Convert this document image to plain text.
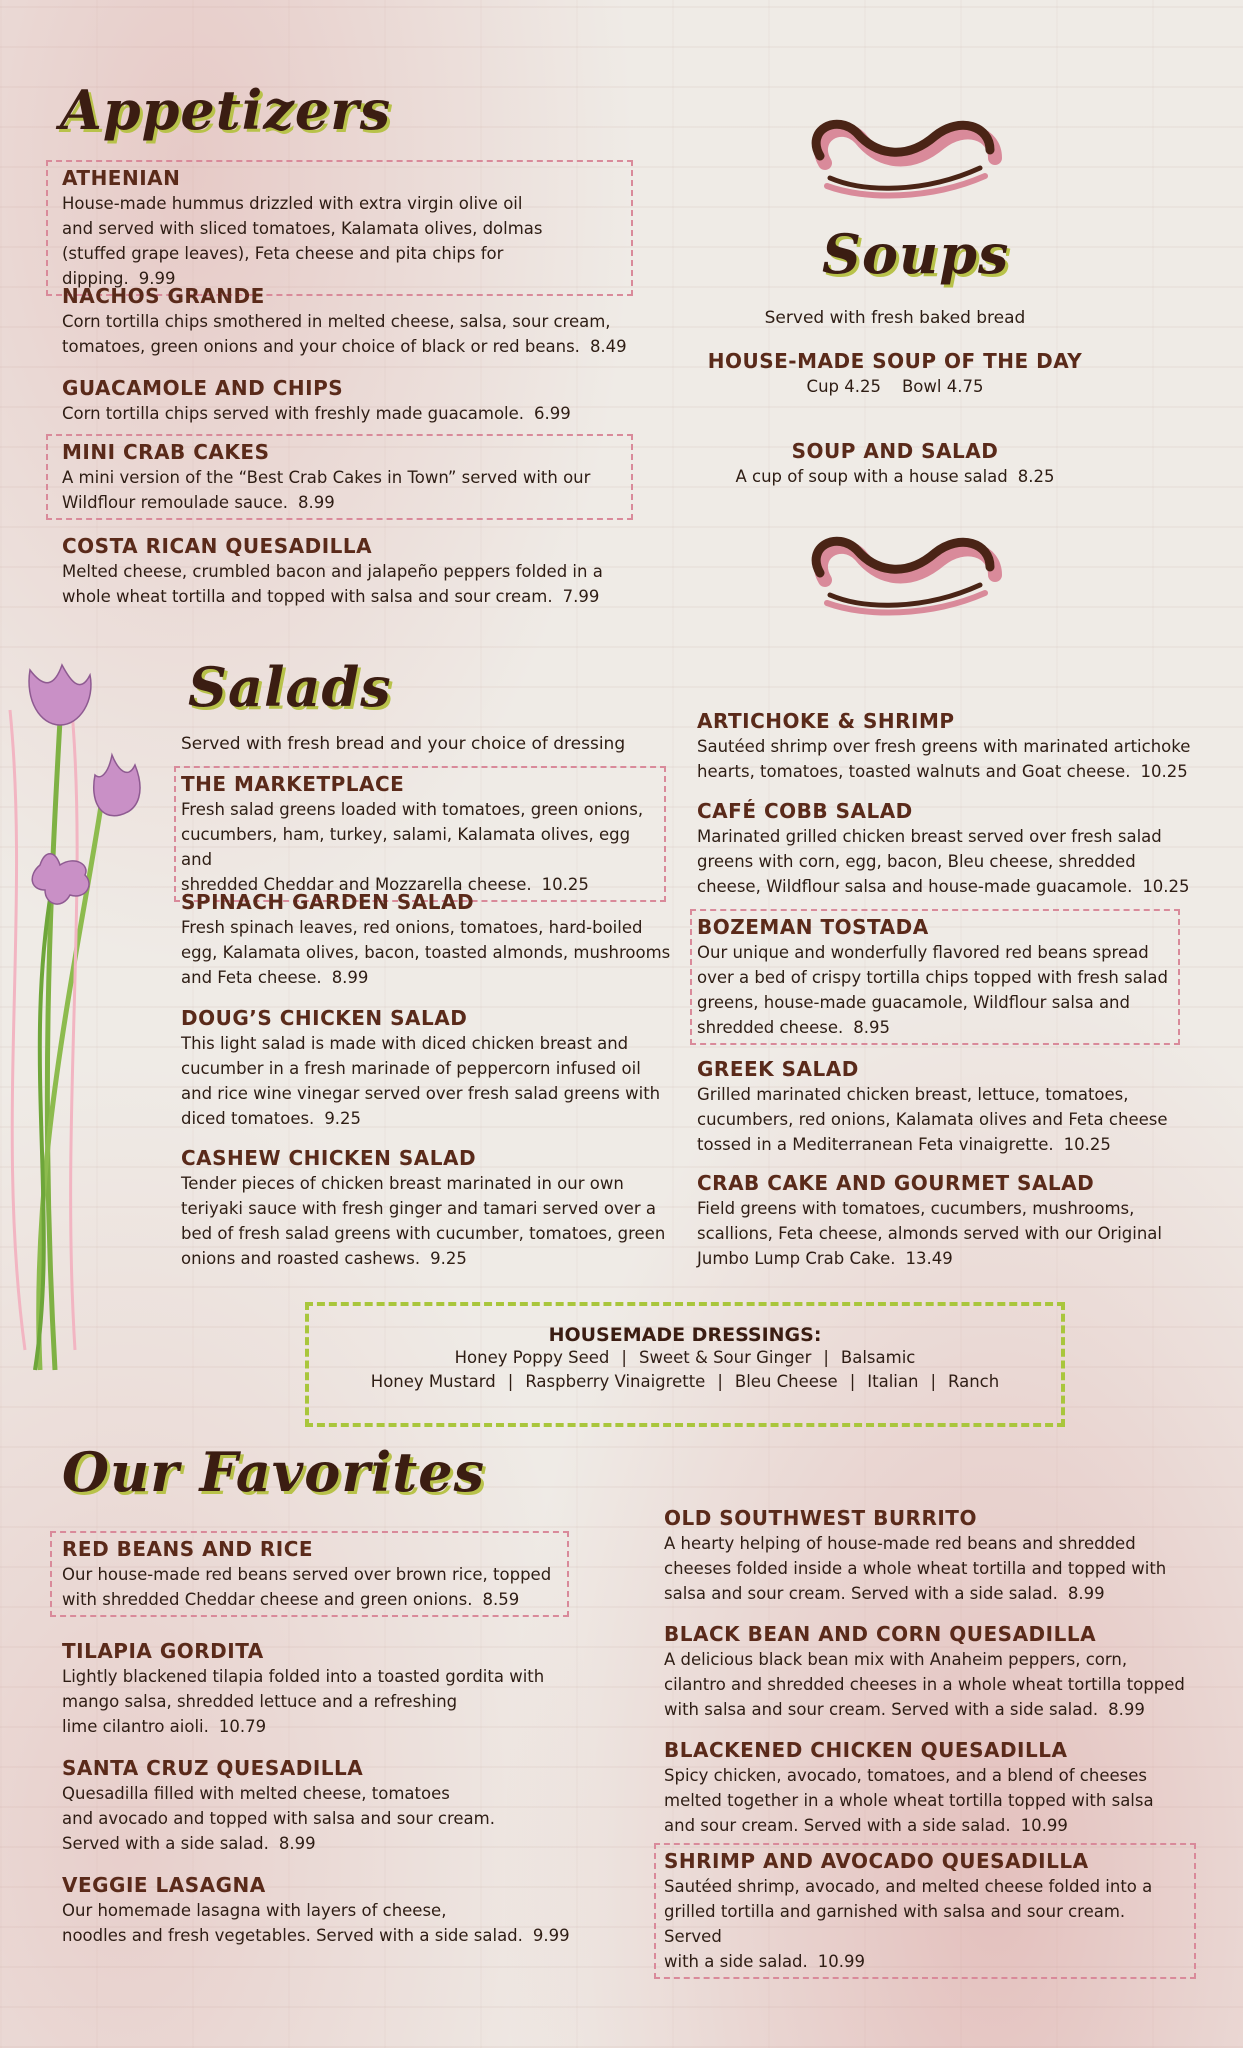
Appetizers
ATHENIAN
House-made hummus drizzled with extra virgin olive oil
and served with sliced tomatoes, Kalamata olives, dolmas
(stuffed grape leaves), Feta cheese and pita chips for dipping. 9.99
NACHOS GRANDE
Corn tortilla chips smothered in melted cheese, salsa, sour cream,
tomatoes, green onions and your choice of black or red beans. 8.49
GUACAMOLE AND CHIPS
Corn tortilla chips served with freshly made guacamole. 6.99
MINI CRAB CAKES
A mini version of the “Best Crab Cakes in Town” served with our
Wildflour remoulade sauce. 8.99
COSTA RICAN QUESADILLA
Melted cheese, crumbled bacon and jalapeño peppers folded in a
whole wheat tortilla and topped with salsa and sour cream. 7.99
Soups
Served with fresh baked bread
HOUSE-MADE SOUP OF THE DAY
Cup 4.25    Bowl 4.75
SOUP AND SALAD
A cup of soup with a house salad 8.25
Salads
Served with fresh bread and your choice of dressing
THE MARKETPLACE
Fresh salad greens loaded with tomatoes, green onions,
cucumbers, ham, turkey, salami, Kalamata olives, egg and
shredded Cheddar and Mozzarella cheese. 10.25
SPINACH GARDEN SALAD
Fresh spinach leaves, red onions, tomatoes, hard-boiled
egg, Kalamata olives, bacon, toasted almonds, mushrooms
and Feta cheese. 8.99
DOUG’S CHICKEN SALAD
This light salad is made with diced chicken breast and
cucumber in a fresh marinade of peppercorn infused oil
and rice wine vinegar served over fresh salad greens with
diced tomatoes. 9.25
CASHEW CHICKEN SALAD
Tender pieces of chicken breast marinated in our own
teriyaki sauce with fresh ginger and tamari served over a
bed of fresh salad greens with cucumber, tomatoes, green
onions and roasted cashews. 9.25
ARTICHOKE & SHRIMP
Sautéed shrimp over fresh greens with marinated artichoke
hearts, tomatoes, toasted walnuts and Goat cheese. 10.25
CAFÉ COBB SALAD
Marinated grilled chicken breast served over fresh salad
greens with corn, egg, bacon, Bleu cheese, shredded
cheese, Wildflour salsa and house-made guacamole. 10.25
BOZEMAN TOSTADA
Our unique and wonderfully flavored red beans spread
over a bed of crispy tortilla chips topped with fresh salad
greens, house-made guacamole, Wildflour salsa and
shredded cheese. 8.95
GREEK SALAD
Grilled marinated chicken breast, lettuce, tomatoes,
cucumbers, red onions, Kalamata olives and Feta cheese
tossed in a Mediterranean Feta vinaigrette. 10.25
CRAB CAKE AND GOURMET SALAD
Field greens with tomatoes, cucumbers, mushrooms,
scallions, Feta cheese, almonds served with our Original
Jumbo Lump Crab Cake. 13.49
HOUSEMADE DRESSINGS:
Honey Poppy Seed | Sweet & Sour Ginger | Balsamic
Honey Mustard | Raspberry Vinaigrette | Bleu Cheese | Italian | Ranch
Our Favorites
RED BEANS AND RICE
Our house-made red beans served over brown rice, topped
with shredded Cheddar cheese and green onions. 8.59
TILAPIA GORDITA
Lightly blackened tilapia folded into a toasted gordita with
mango salsa, shredded lettuce and a refreshing
lime cilantro aioli. 10.79
SANTA CRUZ QUESADILLA
Quesadilla filled with melted cheese, tomatoes
and avocado and topped with salsa and sour cream.
Served with a side salad. 8.99
VEGGIE LASAGNA
Our homemade lasagna with layers of cheese,
noodles and fresh vegetables. Served with a side salad. 9.99
OLD SOUTHWEST BURRITO
A hearty helping of house-made red beans and shredded
cheeses folded inside a whole wheat tortilla and topped with
salsa and sour cream. Served with a side salad. 8.99
BLACK BEAN AND CORN QUESADILLA
A delicious black bean mix with Anaheim peppers, corn,
cilantro and shredded cheeses in a whole wheat tortilla topped
with salsa and sour cream. Served with a side salad. 8.99
BLACKENED CHICKEN QUESADILLA
Spicy chicken, avocado, tomatoes, and a blend of cheeses
melted together in a whole wheat tortilla topped with salsa
and sour cream. Served with a side salad. 10.99
SHRIMP AND AVOCADO QUESADILLA
Sautéed shrimp, avocado, and melted cheese folded into a
grilled tortilla and garnished with salsa and sour cream. Served
with a side salad. 10.99
